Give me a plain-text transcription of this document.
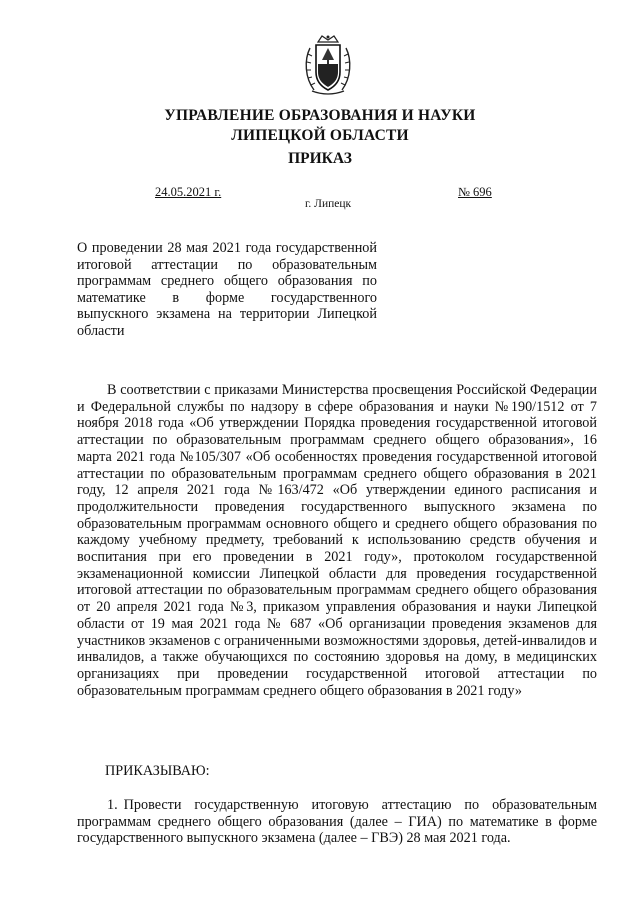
УПРАВЛЕНИЕ ОБРАЗОВАНИЯ И НАУКИ
ЛИПЕЦКОЙ ОБЛАСТИ
ПРИКАЗ
24.05.2021 г.	№ 696
г. Липецк
О проведении 28 мая 2021 года государственной итоговой аттестации по образовательным программам среднего общего образования по математике в форме государственного выпускного экзамена на территории Липецкой области
В соответствии с приказами Министерства просвещения Российской Федерации и Федеральной службы по надзору в сфере образования и науки №190/1512 от 7 ноября 2018 года «Об утверждении Порядка проведения государственной итоговой аттестации по образовательным программам среднего общего образования», 16 марта 2021 года №105/307 «Об особенностях проведения государственной итоговой аттестации по образовательным программам среднего общего образования в 2021 году, 12 апреля 2021 года №163/472 «Об утверждении единого расписания и продолжительности проведения государственного выпускного экзамена по образовательным программам основного общего и среднего общего образования по каждому учебному предмету, требований к использованию средств обучения и воспитания при его проведении в 2021 году», протоколом государственной экзаменационной комиссии Липецкой области для проведения государственной итоговой аттестации по образовательным программам среднего общего образования от 20 апреля 2021 года №3, приказом управления образования и науки Липецкой области от 19 мая 2021 года № 687 «Об организации проведения экзаменов для участников экзаменов с ограниченными возможностями здоровья, детей-инвалидов и инвалидов, а также обучающихся по состоянию здоровья на дому, в медицинских организациях при проведении государственной итоговой аттестации по образовательным программам среднего общего образования в 2021 году»
ПРИКАЗЫВАЮ:
1. Провести государственную итоговую аттестацию по образовательным программам среднего общего образования (далее – ГИА) по математике в форме государственного выпускного экзамена (далее – ГВЭ) 28 мая 2021 года.
